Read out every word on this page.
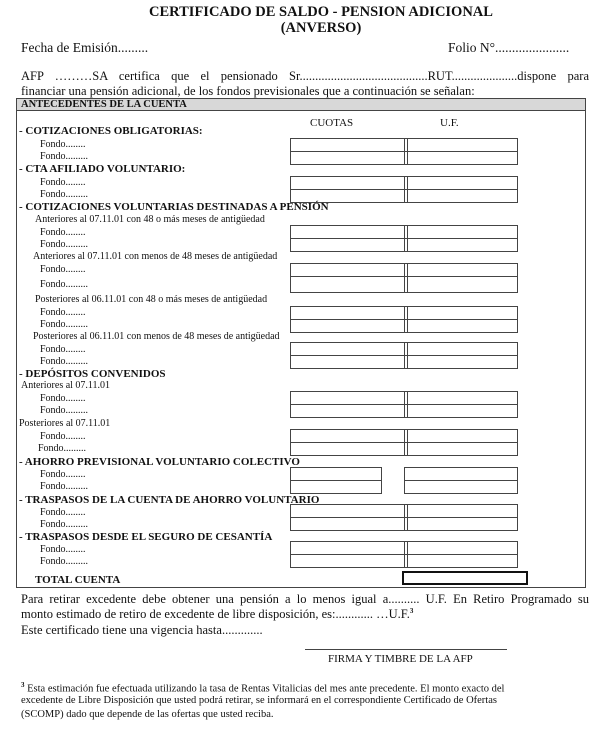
CERTIFICADO DE SALDO - PENSION ADICIONAL
(ANVERSO)
Fecha de Emisión.........	Folio N°......................
AFP ………SA certifica que el pensionado Sr.........................................RUT.....................dispone para
financiar una pensión adicional, de los fondos previsionales que a continuación se señalan:
ANTECEDENTES DE LA CUENTA
CUOTAS	U.F.
- COTIZACIONES OBLIGATORIAS:
Fondo........
Fondo.........
- CTA AFILIADO VOLUNTARIO:
Fondo........
Fondo.........
- COTIZACIONES VOLUNTARIAS DESTINADAS A PENSIÓN
Anteriores al 07.11.01 con 48 o más meses de antigüedad
Fondo........
Fondo.........
Anteriores al 07.11.01 con menos de 48 meses de antigüedad
Fondo........
Fondo.........
Posteriores al 06.11.01 con 48 o más meses de antigüedad
Fondo........
Fondo.........
Posteriores al 06.11.01 con menos de 48 meses de antigüedad
Fondo........
Fondo.........
- DEPÓSITOS CONVENIDOS
Anteriores al 07.11.01
Fondo........
Fondo.........
Posteriores al 07.11.01
Fondo........
Fondo.........
- AHORRO PREVISIONAL VOLUNTARIO COLECTIVO
Fondo........
Fondo.........
- TRASPASOS DE LA CUENTA DE AHORRO VOLUNTARIO
Fondo........
Fondo.........
- TRASPASOS DESDE EL SEGURO DE CESANTÍA
Fondo........
Fondo.........
TOTAL CUENTA
Para retirar excedente debe obtener una pensión a lo menos igual a.......... U.F. En Retiro Programado su
monto estimado de retiro de excedente de libre disposición, es:............ …U.F.$^3$
Este certificado tiene una vigencia hasta.............
FIRMA Y TIMBRE DE LA AFP
$^3$ Esta estimación fue efectuada utilizando la tasa de Rentas Vitalicias del mes ante precedente. El monto exacto del
excedente de Libre Disposición que usted podrá retirar, se informará en el correspondiente Certificado de Ofertas
(SCOMP) dado que depende de las ofertas que usted reciba.
